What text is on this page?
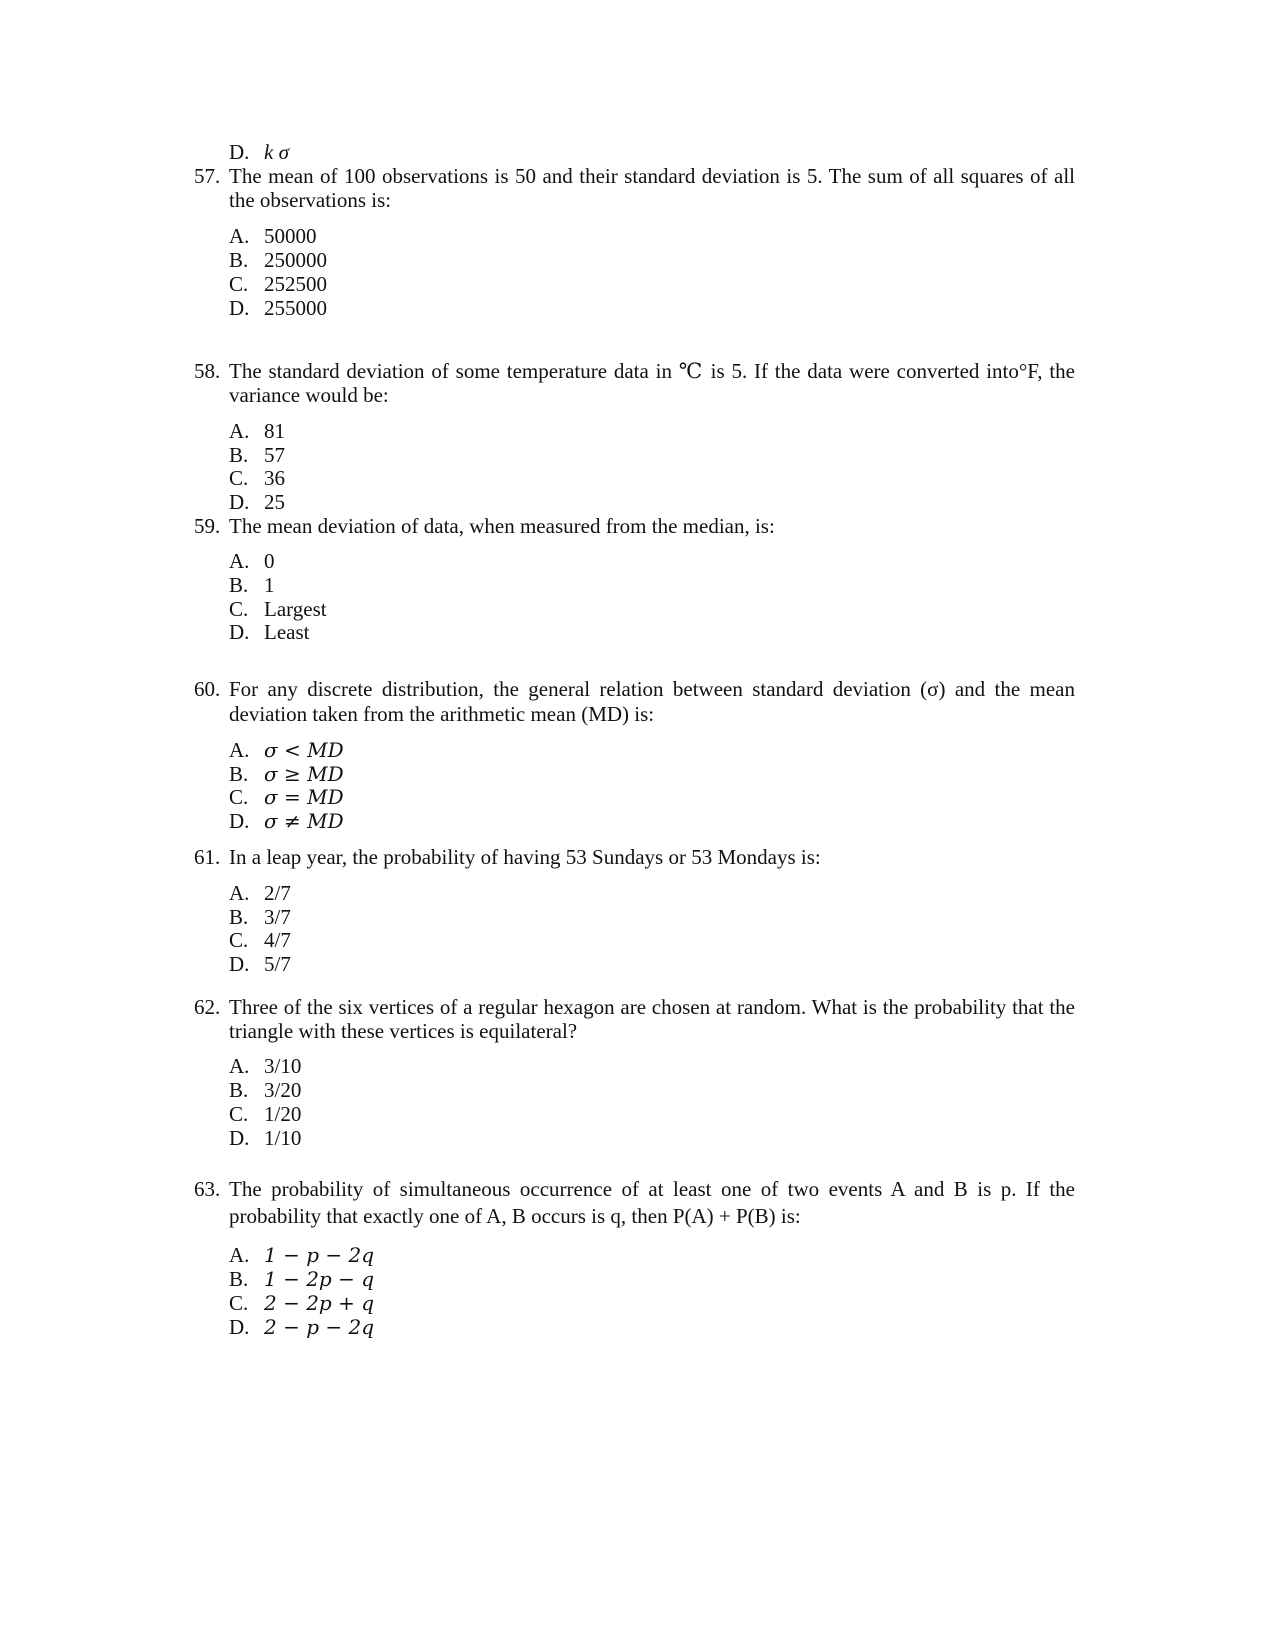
D. k σ
57. The mean of 100 observations is 50 and their standard deviation is 5. The sum of all squares of all
the observations is:
A. 50000
B. 250000
C. 252500
D. 255000
58. The standard deviation of some temperature data in ℃ is 5. If the data were converted into°F, the
variance would be:
A. 81
B. 57
C. 36
D. 25
59. The mean deviation of data, when measured from the median, is:
A. 0
B. 1
C. Largest
D. Least
60. For any discrete distribution, the general relation between standard deviation (σ) and the mean
deviation taken from the arithmetic mean (MD) is:
A. σ < MD
B. σ ≥ MD
C. σ = MD
D. σ ≠ MD
61. In a leap year, the probability of having 53 Sundays or 53 Mondays is:
A. 2/7
B. 3/7
C. 4/7
D. 5/7
62. Three of the six vertices of a regular hexagon are chosen at random. What is the probability that the
triangle with these vertices is equilateral?
A. 3/10
B. 3/20
C. 1/20
D. 1/10
63. The probability of simultaneous occurrence of at least one of two events A and B is p. If the
probability that exactly one of A, B occurs is q, then P(A) + P(B) is:
A. 1 − p − 2q
B. 1 − 2p − q
C. 2 − 2p + q
D. 2 − p − 2q
